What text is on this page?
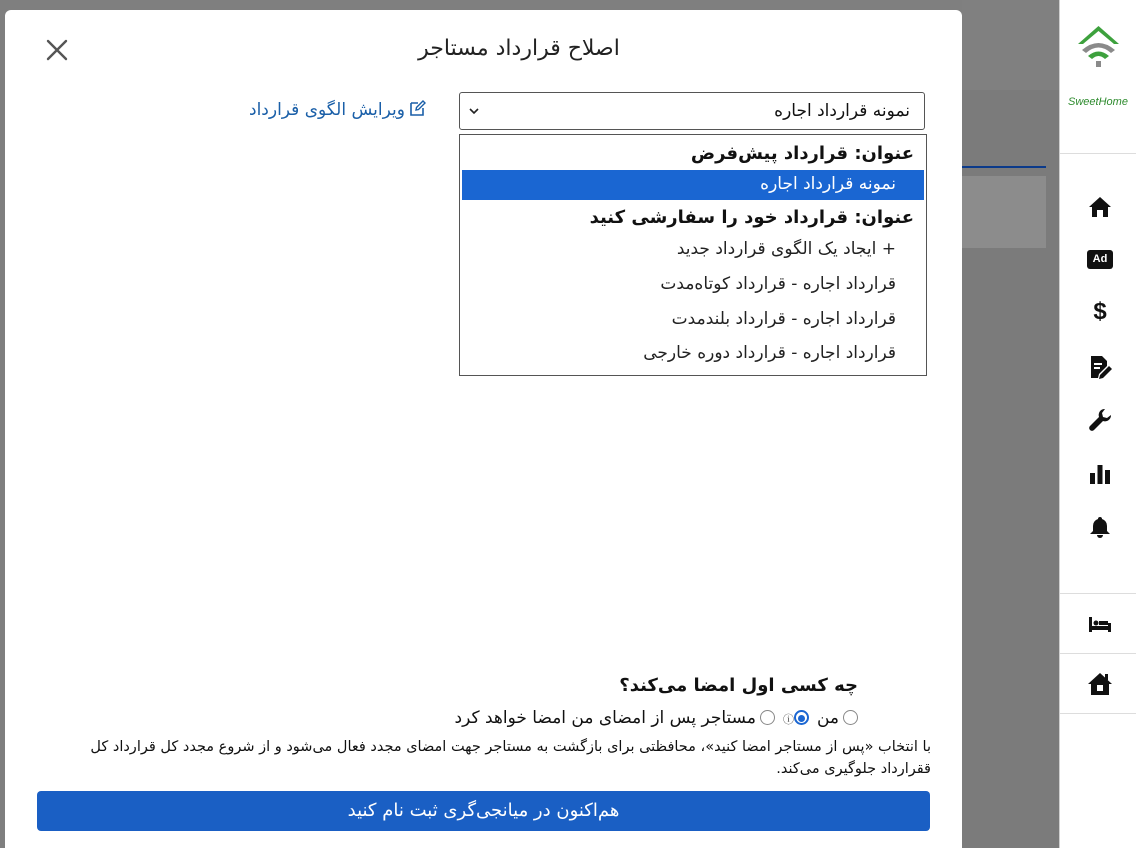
SweetHome
Ad
$
اصلاح قرارداد مستاجر
ویرایش الگوی قرارداد	نمونه قرارداد اجاره
عنوان: قرارداد پیش‌فرض
نمونه قرارداد اجاره
عنوان: قرارداد خود را سفارشی کنید
+ ایجاد یک الگوی قرارداد جدید
قرارداد اجاره - قرارداد کوتاه‌مدت
قرارداد اجاره - قرارداد بلندمدت
قرارداد اجاره - قرارداد دوره خارجی
چه کسی اول امضا می‌کند؟
منⓘمستاجر پس از امضای من امضا خواهد کرد
با انتخاب «پس از مستاجر امضا کنید»، محافظتی برای بازگشت به مستاجر جهت امضای مجدد فعال می‌شود و از شروع مجدد کل قرارداد کل ققرارداد جلوگیری می‌کند.
هم‌اکنون در میانجی‌گری ثبت نام کنید
